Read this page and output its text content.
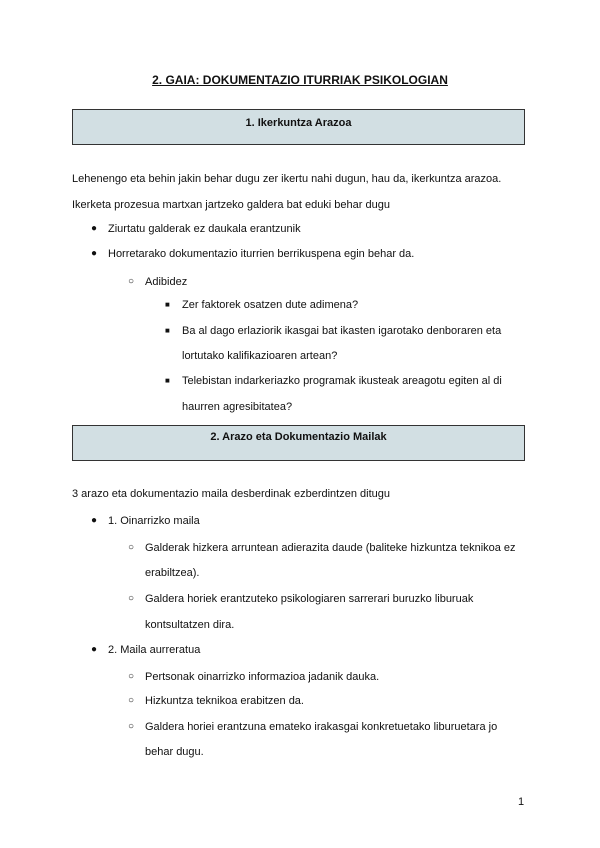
2. GAIA: DOKUMENTAZIO ITURRIAK PSIKOLOGIAN
1. Ikerkuntza Arazoa
Lehenengo eta behin jakin behar dugu zer ikertu nahi dugun, hau da, ikerkuntza arazoa.
Ikerketa prozesua martxan jartzeko galdera bat eduki behar dugu
● Ziurtatu galderak ez daukala erantzunik
● Horretarako dokumentazio iturrien berrikuspena egin behar da.
○ Adibidez
■ Zer faktorek osatzen dute adimena?
■ Ba al dago erlaziorik ikasgai bat ikasten igarotako denboraren eta
lortutako kalifikazioaren artean?
■ Telebistan indarkeriazko programak ikusteak areagotu egiten al di
haurren agresibitatea?
2. Arazo eta Dokumentazio Mailak
3 arazo eta dokumentazio maila desberdinak ezberdintzen ditugu
● 1. Oinarrizko maila
○ Galderak hizkera arruntean adierazita daude (baliteke hizkuntza teknikoa ez
erabiltzea).
○ Galdera horiek erantzuteko psikologiaren sarrerari buruzko liburuak
kontsultatzen dira.
● 2. Maila aurreratua
○ Pertsonak oinarrizko informazioa jadanik dauka.
○ Hizkuntza teknikoa erabitzen da.
○ Galdera horiei erantzuna emateko irakasgai konkretuetako liburuetara jo
behar dugu.
1
